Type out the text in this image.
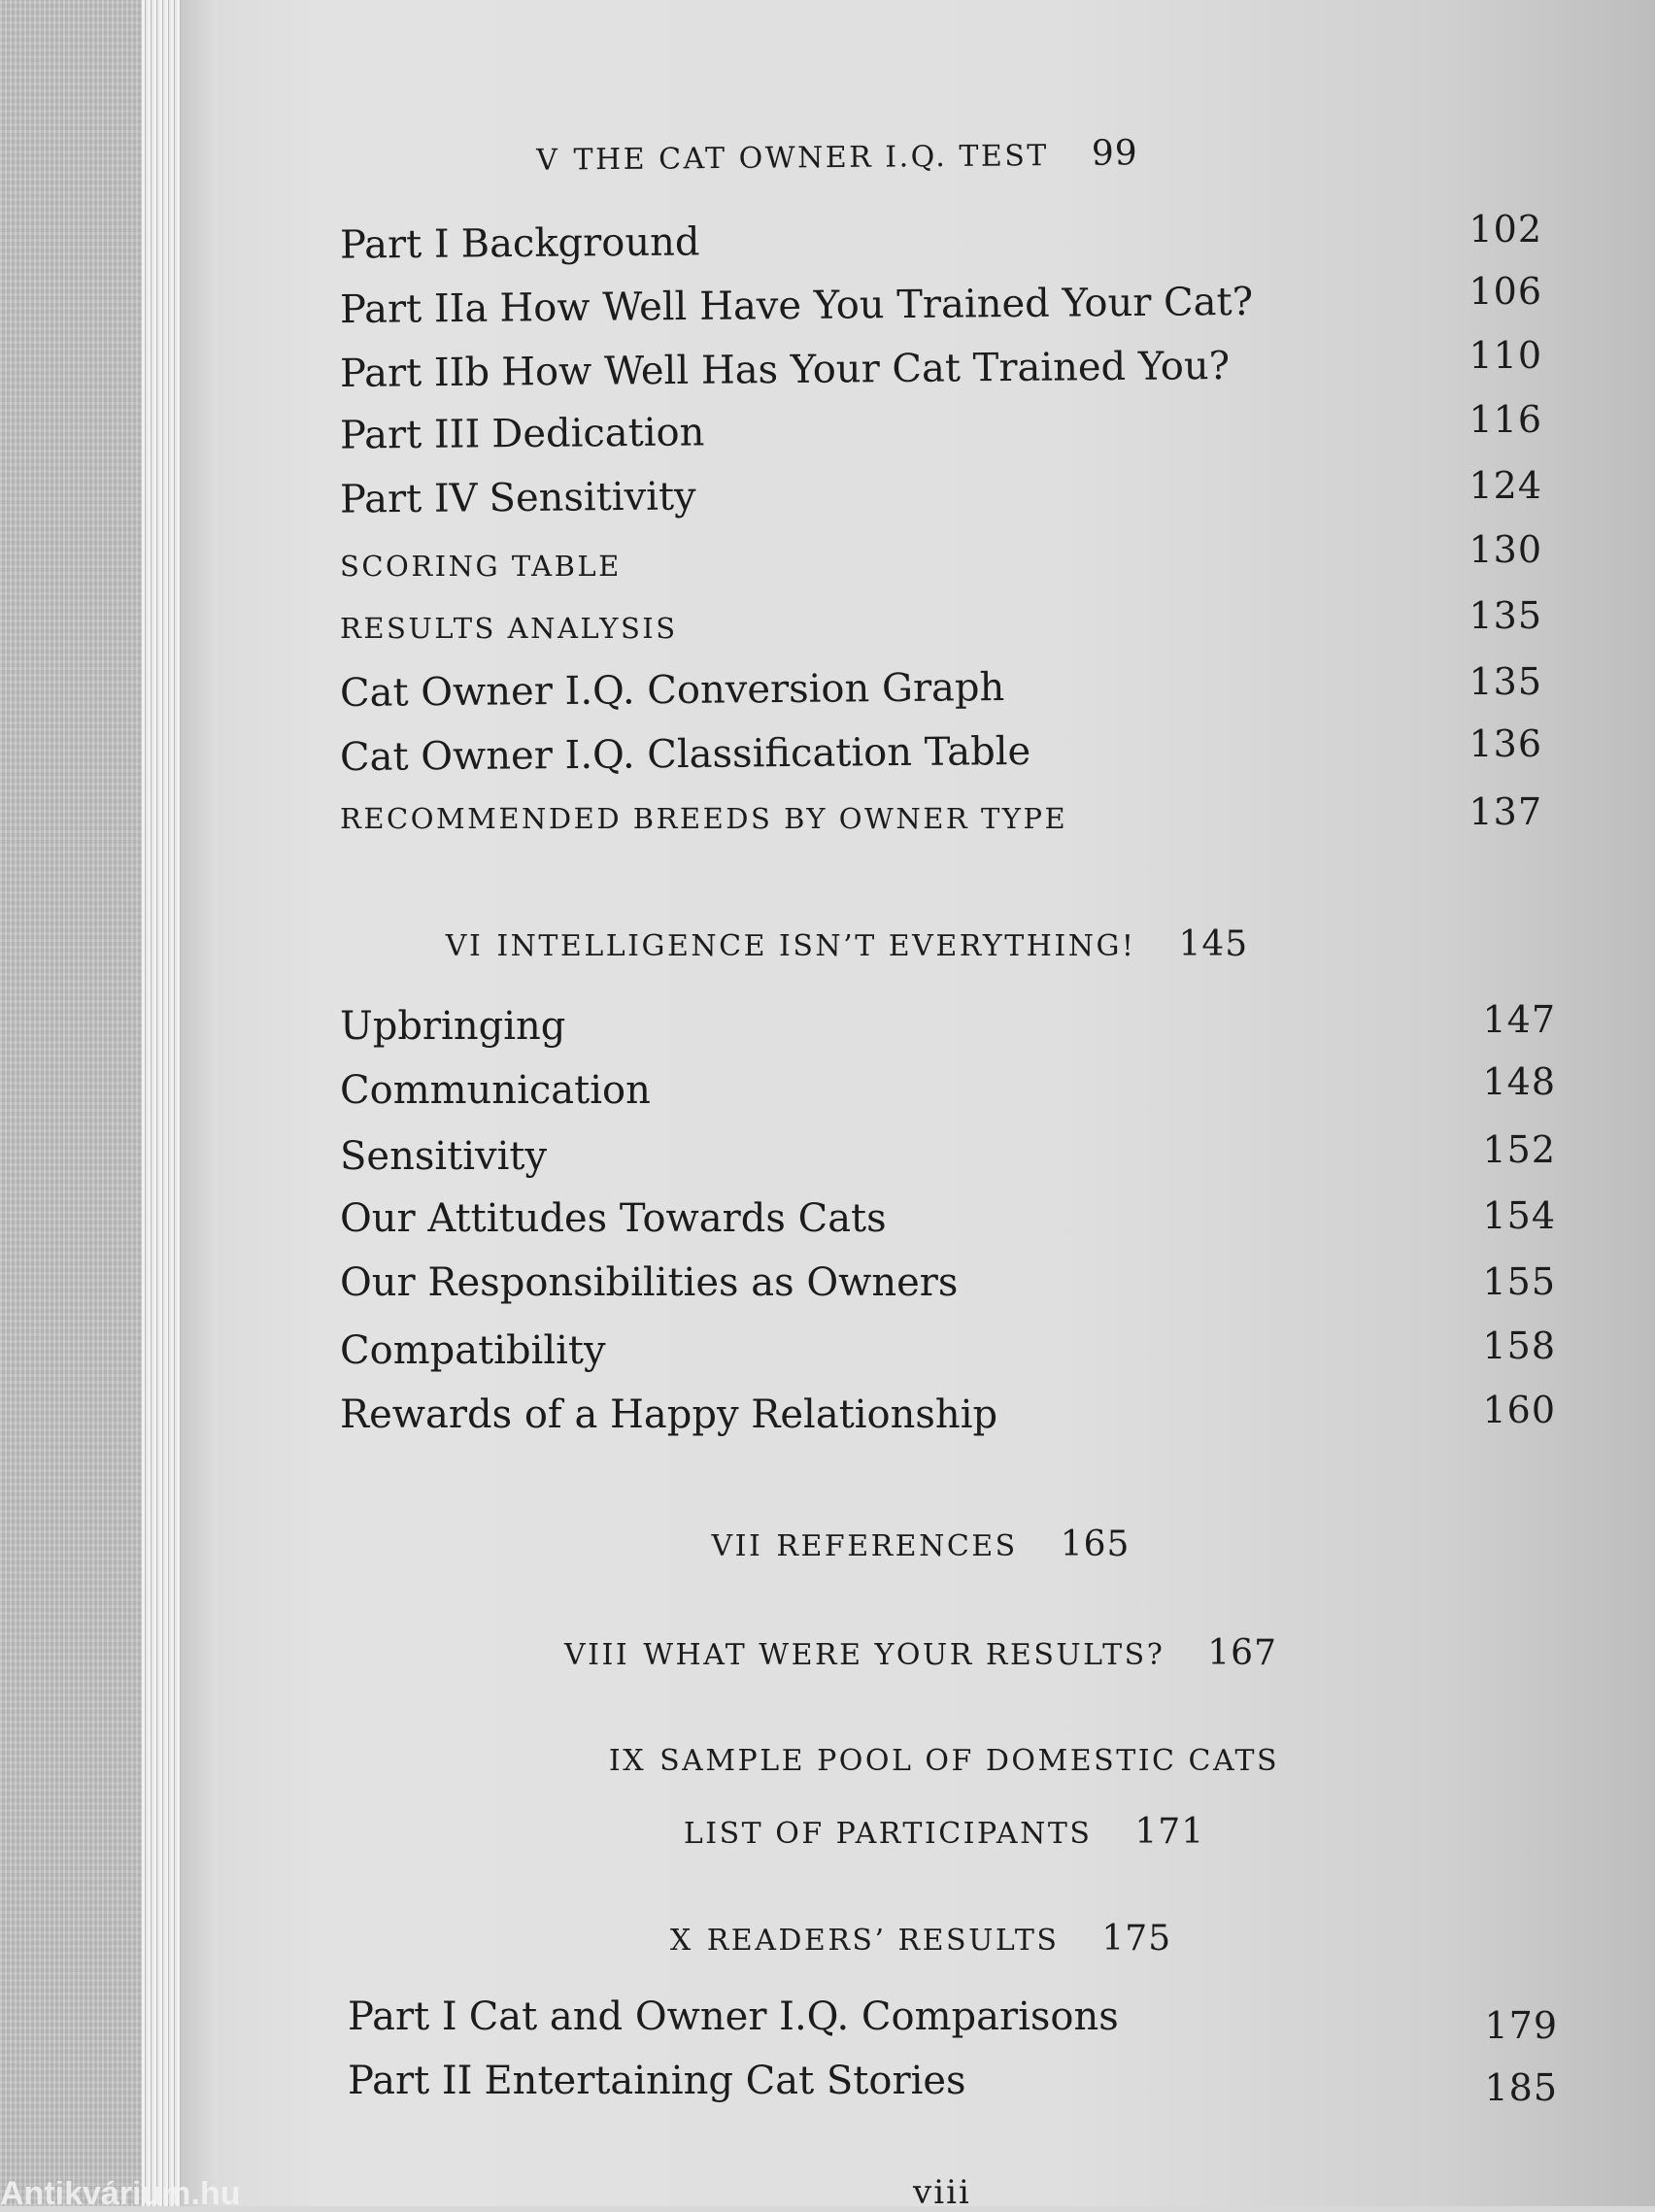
V THE CAT OWNER I.Q. TEST 99
Part I Background	102
Part IIa How Well Have You Trained Your Cat?	106
Part IIb How Well Has Your Cat Trained You?	110
Part III Dedication	116
Part IV Sensitivity	124
SCORING TABLE	130
RESULTS ANALYSIS	135
Cat Owner I.Q. Conversion Graph	135
Cat Owner I.Q. Classification Table	136
RECOMMENDED BREEDS BY OWNER TYPE	137
VI INTELLIGENCE ISN’T EVERYTHING! 145
Upbringing	147
Communication	148
Sensitivity	152
Our Attitudes Towards Cats	154
Our Responsibilities as Owners	155
Compatibility	158
Rewards of a Happy Relationship	160
VII REFERENCES 165
VIII WHAT WERE YOUR RESULTS? 167
IX SAMPLE POOL OF DOMESTIC CATS
LIST OF PARTICIPANTS 171
X READERS’ RESULTS 175
Part I Cat and Owner I.Q. Comparisons	179
Part II Entertaining Cat Stories	185
viii
Antikvárium.hu
